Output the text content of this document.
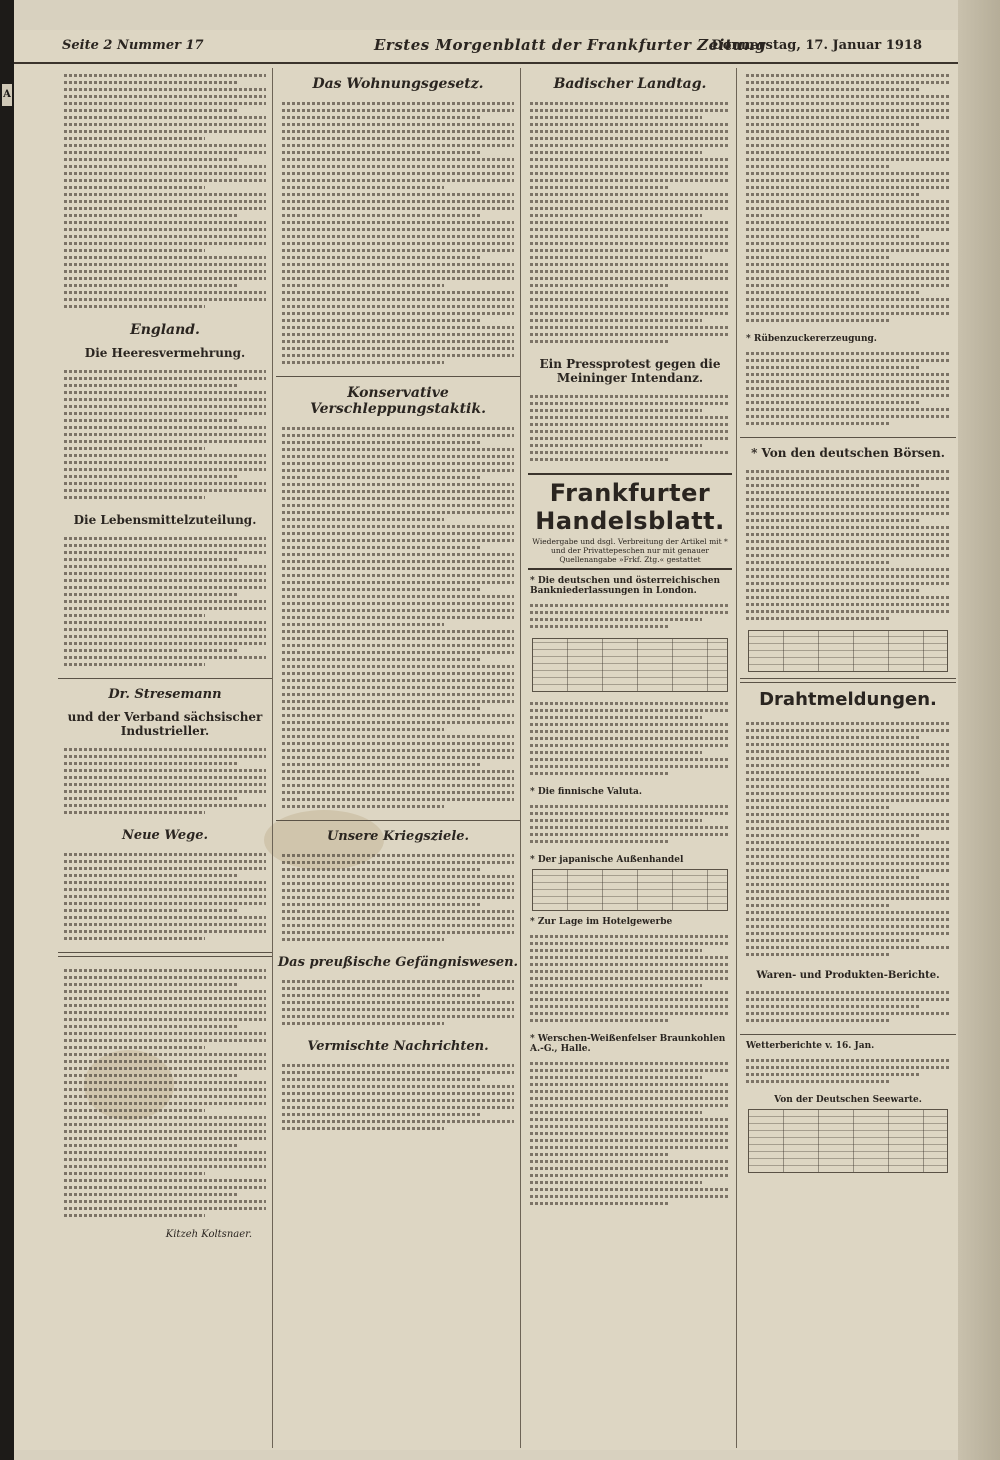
A
Seite 2 Nummer 17	Erstes Morgenblatt der Frankfurter Zeitung
Donnerstag, 17. Januar 1918
England.
Die Heeresvermehrung.
Die Lebensmittelzuteilung.
Dr. Stresemann
und der Verband sächsischer Industrieller.
Neue Wege.
Kitzeh Koltsnaer.
Das Wohnungsgesetz.
Konservative Verschleppungstaktik.
Unsere Kriegsziele.
Das preußische Gefängniswesen.
Vermischte Nachrichten.
Badischer Landtag.
Ein Pressprotest gegen die Meininger Intendanz.
Frankfurter Handelsblatt.
Wiedergabe und dsgl. Verbreitung der Artikel mit * und der Privattepeschen nur mit genauer Quellenangabe »Frkf. Ztg.« gestattet
* Die deutschen und österreichischen Bankniederlassungen in London.
* Die finnische Valuta.
* Der japanische Außenhandel
* Zur Lage im Hotelgewerbe
* Werschen-Weißenfelser Braunkohlen A.-G., Halle.
* Rübenzuckererzeugung.
* Von den deutschen Börsen.
Drahtmeldungen.
Waren- und Produkten-Berichte.
Wetterberichte v. 16. Jan.
Von der Deutschen Seewarte.
